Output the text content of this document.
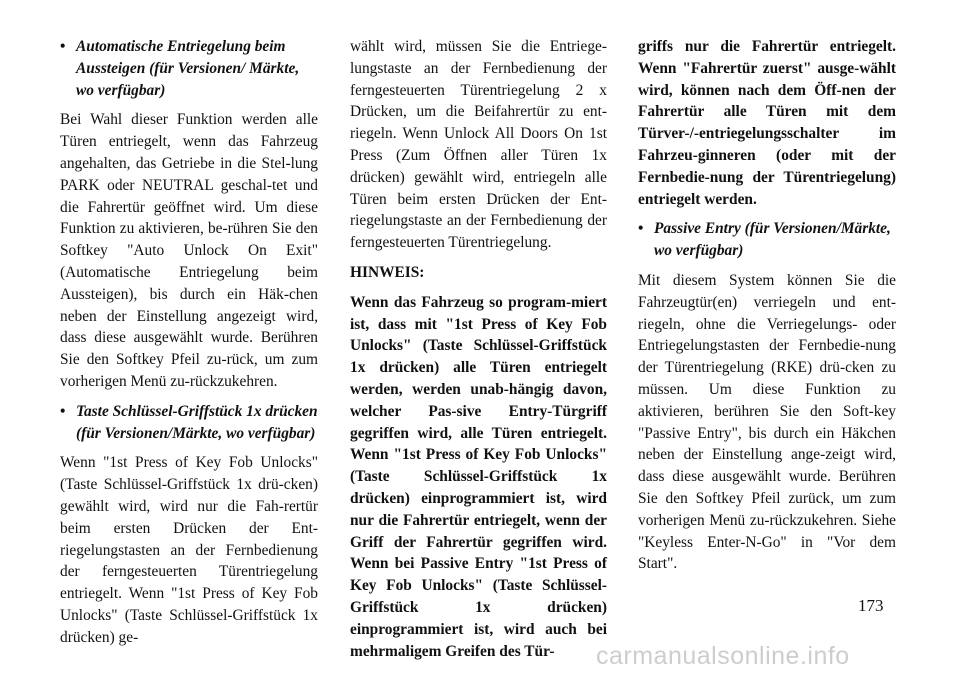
• Automatische Entriegelung beim Aussteigen (für Versionen/ Märkte, wo verfügbar)

Bei Wahl dieser Funktion werden alle Türen entriegelt, wenn das Fahrzeug angehalten, das Getriebe in die Stel-lung PARK oder NEUTRAL geschal-tet und die Fahrertür geöffnet wird. Um diese Funktion zu aktivieren, be-rühren Sie den Softkey "Auto Unlock On Exit" (Automatische Entriegelung beim Aussteigen), bis durch ein Häk-chen neben der Einstellung angezeigt wird, dass diese ausgewählt wurde. Berühren Sie den Softkey Pfeil zu-rück, um zum vorherigen Menü zu-rückzukehren.

• Taste Schlüssel-Griffstück 1x drücken (für Versionen/Märkte, wo verfügbar)

Wenn "1st Press of Key Fob Unlocks" (Taste Schlüssel-Griffstück 1x drü-cken) gewählt wird, wird nur die Fah-rertür beim ersten Drücken der Ent-riegelungstasten an der Fernbedienung der ferngesteuerten Türentriegelung entriegelt. Wenn "1st Press of Key Fob Unlocks" (Taste Schlüssel-Griffstück 1x drücken) ge-

wählt wird, müssen Sie die Entriege-lungstaste an der Fernbedienung der ferngesteuerten Türentriegelung 2 x Drücken, um die Beifahrertür zu ent-riegeln. Wenn Unlock All Doors On 1st Press (Zum Öffnen aller Türen 1x drücken) gewählt wird, entriegeln alle Türen beim ersten Drücken der Ent-riegelungstaste an der Fernbedienung der ferngesteuerten Türentriegelung.

HINWEIS:

Wenn das Fahrzeug so program-miert ist, dass mit "1st Press of Key Fob Unlocks" (Taste Schlüssel-Griffstück 1x drücken) alle Türen entriegelt werden, werden unab-hängig davon, welcher Pas-sive Entry-Türgriff gegriffen wird, alle Türen entriegelt. Wenn "1st Press of Key Fob Unlocks" (Taste Schlüssel-Griffstück 1x drücken) einprogrammiert ist, wird nur die Fahrertür entriegelt, wenn der Griff der Fahrertür gegriffen wird. Wenn bei Passive Entry "1st Press of Key Fob Unlocks" (Taste Schlüssel-Griffstück 1x drücken) einprogrammiert ist, wird auch bei mehrmaligem Greifen des Tür-

griffs nur die Fahrertür entriegelt. Wenn "Fahrertür zuerst" ausge-wählt wird, können nach dem Öff-nen der Fahrertür alle Türen mit dem Türver-/-entriegelungsschalter im Fahrzeu-ginneren (oder mit der Fernbedie-nung der Türentriegelung) entriegelt werden.

• Passive Entry (für Versionen/Märkte, wo verfügbar)

Mit diesem System können Sie die Fahrzeugtür(en) verriegeln und ent-riegeln, ohne die Verriegelungs- oder Entriegelungstasten der Fernbedie-nung der Türentriegelung (RKE) drü-cken zu müssen. Um diese Funktion zu aktivieren, berühren Sie den Soft-key "Passive Entry", bis durch ein Häkchen neben der Einstellung ange-zeigt wird, dass diese ausgewählt wurde. Berühren Sie den Softkey Pfeil zurück, um zum vorherigen Menü zu-rückzukehren. Siehe "Keyless Enter-N-Go" in "Vor dem Start".

173
carmanualsonline.info
